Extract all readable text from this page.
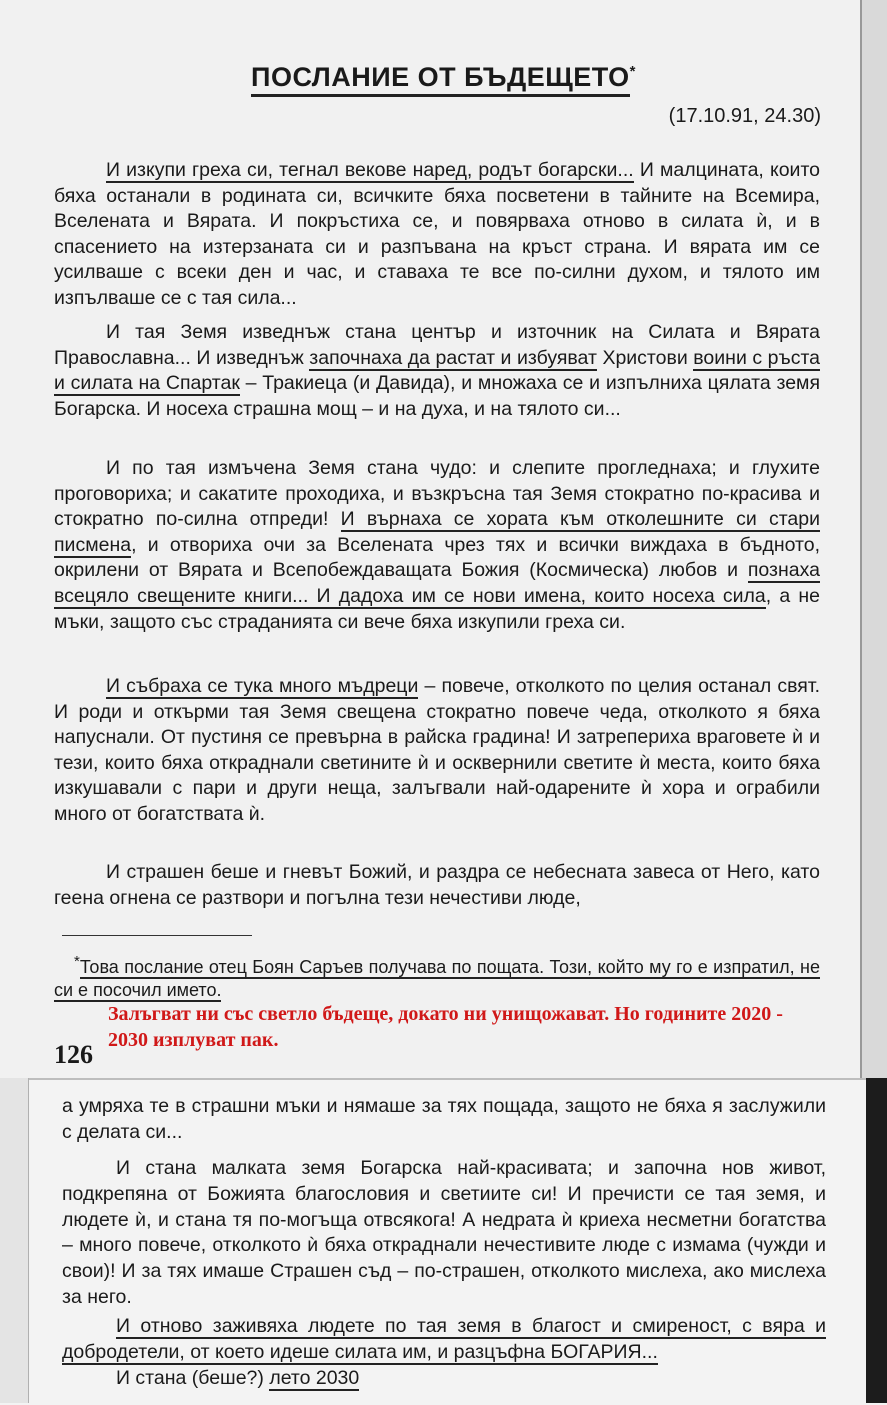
ПОСЛАНИЕ ОТ БЪДЕЩЕТО*
(17.10.91, 24.30)

И изкупи греха си, тегнал векове наред, родът богарски... И малцината, които бяха останали в родината си, всичките бяха посветени в тайните на Всемира, Вселената и Вярата. И покръстиха се, и повярваха отново в силата ѝ, и в спасението на изтерзаната си и разпъвана на кръст страна. И вярата им се усилваше с всеки ден и час, и ставаха те все по-силни духом, и тялото им изпълваше се с тая сила...

И тая Земя изведнъж стана център и източник на Силата и Вярата Православна... И изведнъж започнаха да растат и избуяват Христови воини с ръста и силата на Спартак – Тракиеца (и Давида), и множаха се и изпълниха цялата земя Богарска. И носеха страшна мощ – и на духа, и на тялото си...

И по тая измъчена Земя стана чудо: и слепите прогледнаха; и глухите проговориха; и сакатите проходиха, и възкръсна тая Земя стократно по-красива и стократно по-силна отпреди! И върнаха се хората към отколешните си стари писмена, и отвориха очи за Вселената чрез тях и всички виждаха в бъдното, окрилени от Вярата и Всепобеждаващата Божия (Космическа) любов и познаха всецяло свещените книги... И дадоха им се нови имена, които носеха сила, а не мъки, защото със страданията си вече бяха изкупили греха си.

И събраха се тука много мъдреци – повече, отколкото по целия останал свят. И роди и откърми тая Земя свещена стократно повече чеда, отколкото я бяха напуснали. От пустиня се превърна в райска градина! И затрепериха враговете ѝ и тези, които бяха откраднали светините ѝ и осквернили светите ѝ места, които бяха изкушавали с пари и други неща, залъгвали най-одарените ѝ хора и ограбили много от богатствата ѝ.

И страшен беше и гневът Божий, и раздра се небесната завеса от Него, като геена огнена се разтвори и погълна тези нечестиви люде,

*Това послание отец Боян Саръев получава по пощата. Този, който му го е изпратил, не си е посочил името.

Залъгват ни със светло бъдеще, докато ни унищожават. Но годините 2020 - 2030 изплуват пак.
126

а умряха те в страшни мъки и нямаше за тях пощада, защото не бяха я заслужили с делата си...

И стана малката земя Богарска най-красивата; и започна нов живот, подкрепяна от Божията благословия и светиите си! И пречисти се тая земя, и людете ѝ, и стана тя по-могъща отвсякога! А недрата ѝ криеха несметни богатства – много повече, отколкото ѝ бяха откраднали нечестивите люде с измама (чужди и свои)! И за тях имаше Страшен съд – по-страшен, отколкото мислеха, ако мислеха за него.

И отново заживяха людете по тая земя в благост и смиреност, с вяра и добродетели, от което идеше силата им, и разцъфна БОГАРИЯ...

И стана (беше?) лето 2030
